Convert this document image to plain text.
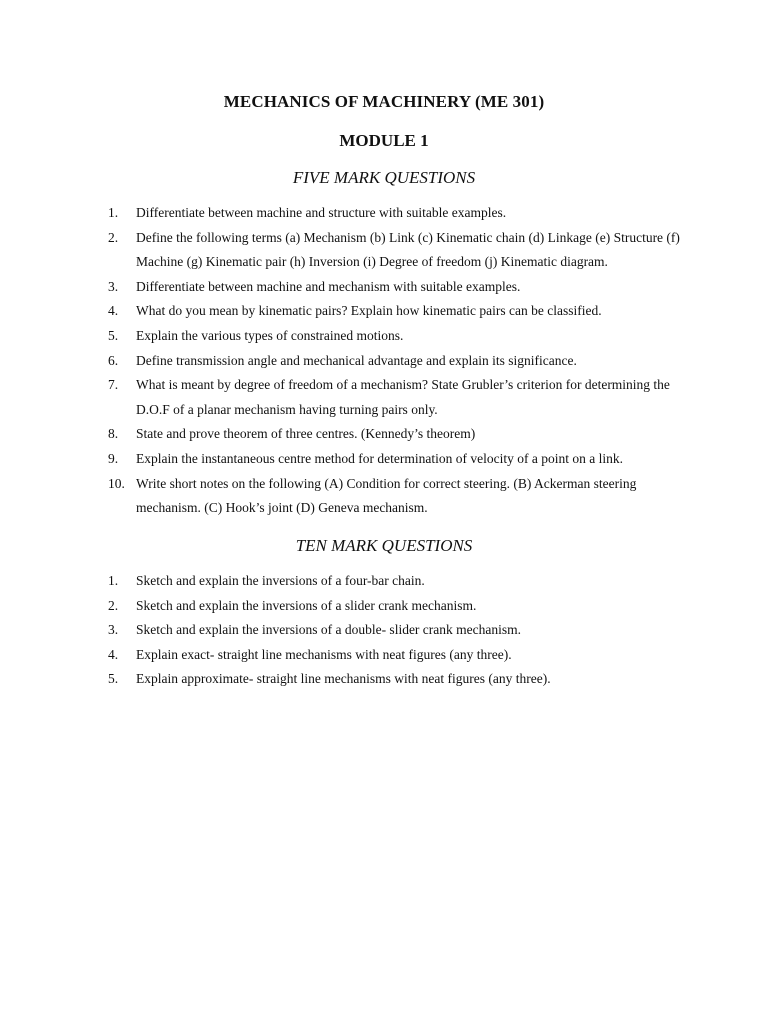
MECHANICS OF MACHINERY (ME 301)
MODULE 1
FIVE MARK QUESTIONS
1.	Differentiate between machine and structure with suitable examples.
2.	Define the following terms (a) Mechanism (b) Link (c) Kinematic chain (d) Linkage (e) Structure (f) Machine (g) Kinematic pair (h) Inversion (i) Degree of freedom (j) Kinematic diagram.
3.	Differentiate between machine and mechanism with suitable examples.
4.	What do you mean by kinematic pairs? Explain how kinematic pairs can be classified.
5.	Explain the various types of constrained motions.
6.	Define transmission angle and mechanical advantage and explain its significance.
7.	What is meant by degree of freedom of a mechanism? State Grubler’s criterion for determining the D.O.F of a planar mechanism having turning pairs only.
8.	State and prove theorem of three centres. (Kennedy’s theorem)
9.	Explain the instantaneous centre method for determination of velocity of a point on a link.
10. Write short notes on the following (A) Condition for correct steering. (B) Ackerman steering mechanism. (C) Hook’s joint (D) Geneva mechanism.
TEN MARK QUESTIONS
1.	Sketch and explain the inversions of a four-bar chain.
2.	Sketch and explain the inversions of a slider crank mechanism.
3.	Sketch and explain the inversions of a double- slider crank mechanism.
4.	Explain exact- straight line mechanisms with neat figures (any three).
5.	Explain approximate- straight line mechanisms with neat figures (any three).
